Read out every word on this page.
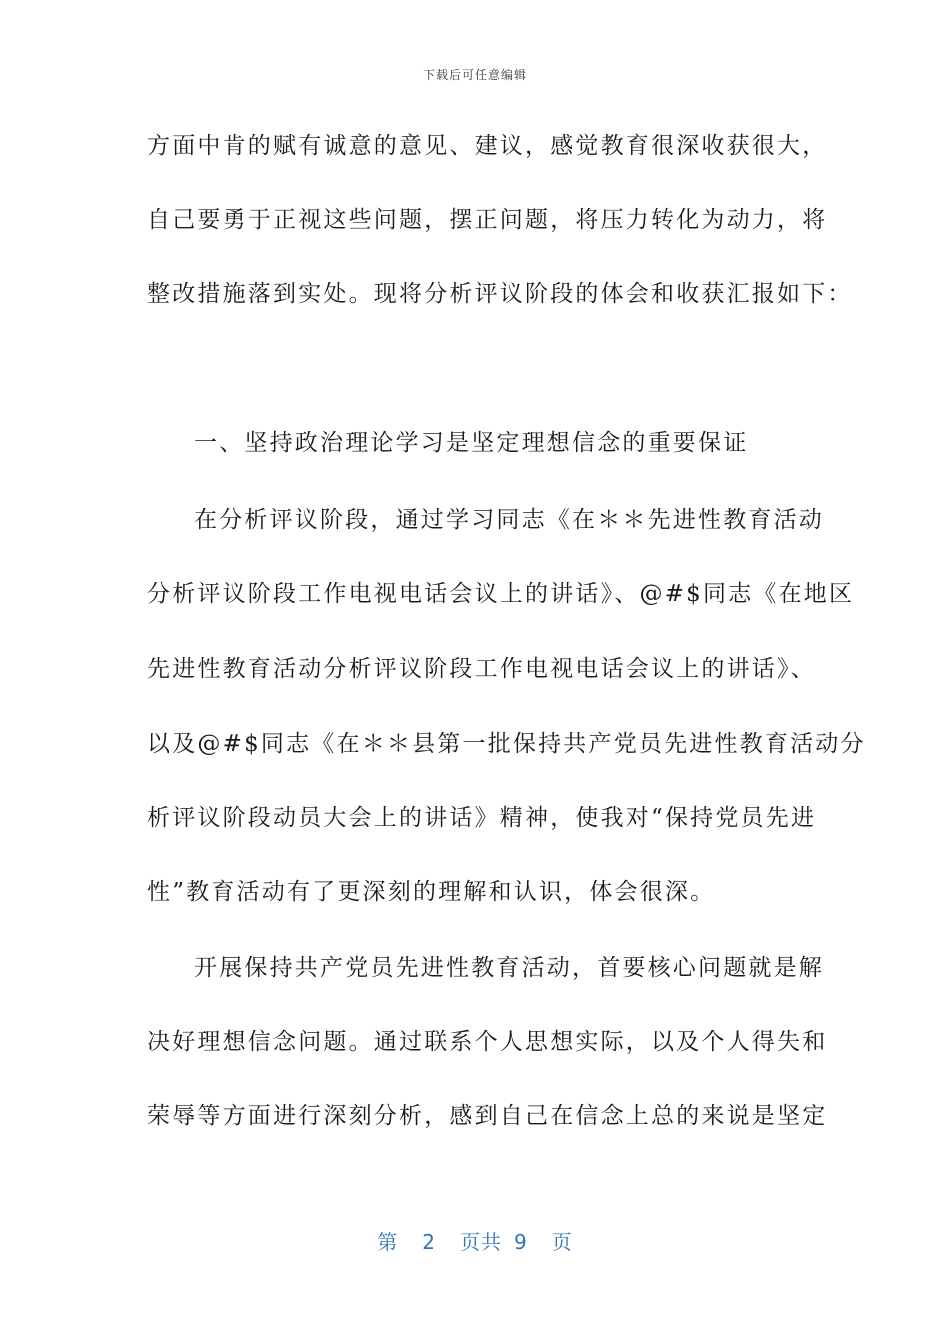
下载后可任意编辑
方面中肯的赋有诚意的意见、建议，感觉教育很深收获很大，
自己要勇于正视这些问题，摆正问题，将压力转化为动力，将
整改措施落到实处。现将分析评议阶段的体会和收获汇报如下：
一、坚持政治理论学习是坚定理想信念的重要保证
在分析评议阶段，通过学习同志《在＊＊先进性教育活动
分析评议阶段工作电视电话会议上的讲话》、@#$同志《在地区
先进性教育活动分析评议阶段工作电视电话会议上的讲话》、
以及@#$同志《在＊＊县第一批保持共产党员先进性教育活动分
析评议阶段动员大会上的讲话》精神，使我对“保持党员先进
性”教育活动有了更深刻的理解和认识，体会很深。
开展保持共产党员先进性教育活动，首要核心问题就是解
决好理想信念问题。通过联系个人思想实际，以及个人得失和
荣辱等方面进行深刻分析，感到自己在信念上总的来说是坚定
第 2 页共 9 页
